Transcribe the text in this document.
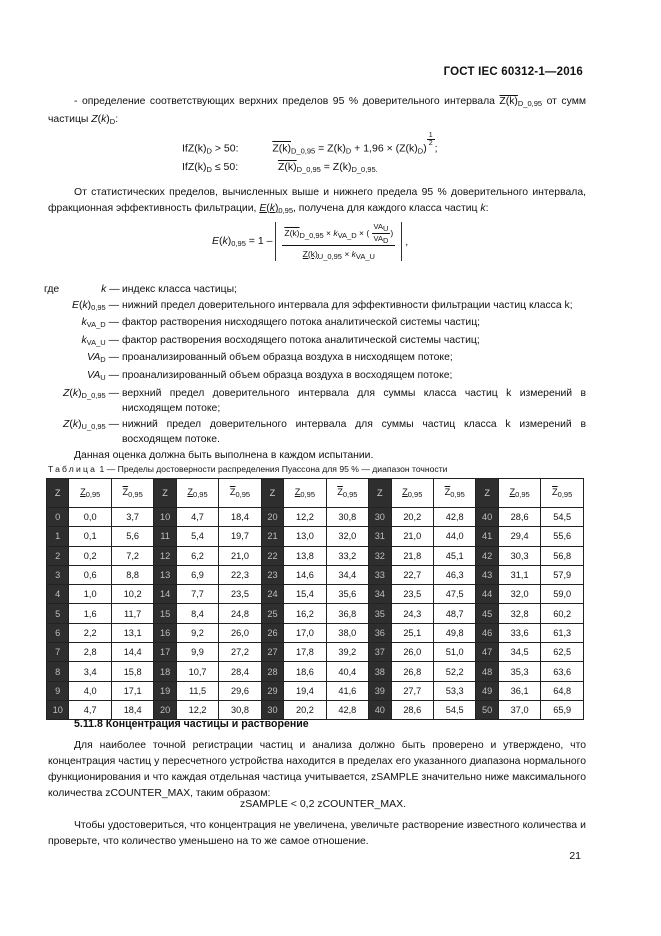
ГОСТ IEC 60312-1—2016

- определение соответствующих верхних пределов 95 % доверительного интервала $Z(k)_{D\_0,95}$ от сумм частицы $Z(k)_D$:

$IfZ(k)_D > 50$:	$Z(k)_{D\_0,95} = Z(k)_D + 1,96 \times (Z(k)_D)$
$^{\frac{1}{2}}$
;
$IfZ(k)_D \le 50$:	$Z(k)_{D\_0,95} = Z(k)_{D\_0,95.}$

От статистических пределов, вычисленных выше и нижнего предела 95 % доверительного интервала, фракционная эффективность фильтрации, $E(k)_{0,95}$, получена для каждого класса частиц k:

$E(k)_{0,95} = 1 - \frac{Z(k)_{D\_0,95} \times k_{VA\_D} \times ( \frac{VA_U}{VA_D} )}{Z(k)_{U\_0,95} \times k_{VA\_U}}$ ,
где	k — индекс класса частицы;
$E(k)_{0,95}$ — нижний предел доверительного интервала для эффективности фильтрации частиц класса k;
$k_{VA\_D}$ — фактор растворения нисходящего потока аналитической системы частиц;
$k_{VA\_U}$ — фактор растворения восходящего потока аналитической системы частиц;
$VA_D$ — проанализированный объем образца воздуха в нисходящем потоке;
$VA_U$ — проанализированный объем образца воздуха в восходящем потоке;
$Z(k)_{D\_0,95}$ — верхний предел доверительного интервала для суммы класса частиц k измерений в нисходящем потоке;
$Z(k)_{U\_0,95}$ — нижний предел доверительного интервала для суммы частиц класса k измерений в восходящем потоке.
Данная оценка должна быть выполнена в каждом испытании.
Таблица 1 — Пределы достоверности распределения Пуассона для 95 % — диапазон точности
Z	$Z_{0,95}$	$\overline{Z}_{0,95}$	Z	$Z_{0,95}$	$\overline{Z}_{0,95}$	Z	$Z_{0,95}$	$\overline{Z}_{0,95}$	Z	$Z_{0,95}$	$\overline{Z}_{0,95}$	Z	$Z_{0,95}$	$\overline{Z}_{0,95}$
0	0,0	3,7	10	4,7	18,4	20	12,2	30,8	30	20,2	42,8	40	28,6	54,5
1	0,1	5,6	11	5,4	19,7	21	13,0	32,0	31	21,0	44,0	41	29,4	55,6
2	0,2	7,2	12	6,2	21,0	22	13,8	33,2	32	21,8	45,1	42	30,3	56,8
3	0,6	8,8	13	6,9	22,3	23	14,6	34,4	33	22,7	46,3	43	31,1	57,9
4	1,0	10,2	14	7,7	23,5	24	15,4	35,6	34	23,5	47,5	44	32,0	59,0
5	1,6	11,7	15	8,4	24,8	25	16,2	36,8	35	24,3	48,7	45	32,8	60,2
6	2,2	13,1	16	9,2	26,0	26	17,0	38,0	36	25,1	49,8	46	33,6	61,3
7	2,8	14,4	17	9,9	27,2	27	17,8	39,2	37	26,0	51,0	47	34,5	62,5
8	3,4	15,8	18	10,7	28,4	28	18,6	40,4	38	26,8	52,2	48	35,3	63,6
9	4,0	17,1	19	11,5	29,6	29	19,4	41,6	39	27,7	53,3	49	36,1	64,8
10	4,7	18,4	20	12,2	30,8	30	20,2	42,8	40	28,6	54,5	50	37,0	65,9
5.11.8 Концентрация частицы и растворение

Для наиболее точной регистрации частиц и анализа должно быть проверено и утверждено, что концентрация частиц у пересчетного устройства находится в пределах его указанного диапазона нормального функционирования и что каждая отдельная частица учитывается, zSAMPLE значительно ниже максимального количества zCOUNTER_MAX, таким образом:

zSAMPLE < 0,2 zCOUNTER_MAX.

Чтобы удостовериться, что концентрация не увеличена, увеличьте растворение известного количества и проверьте, что количество уменьшено на то же самое отношение.

21
